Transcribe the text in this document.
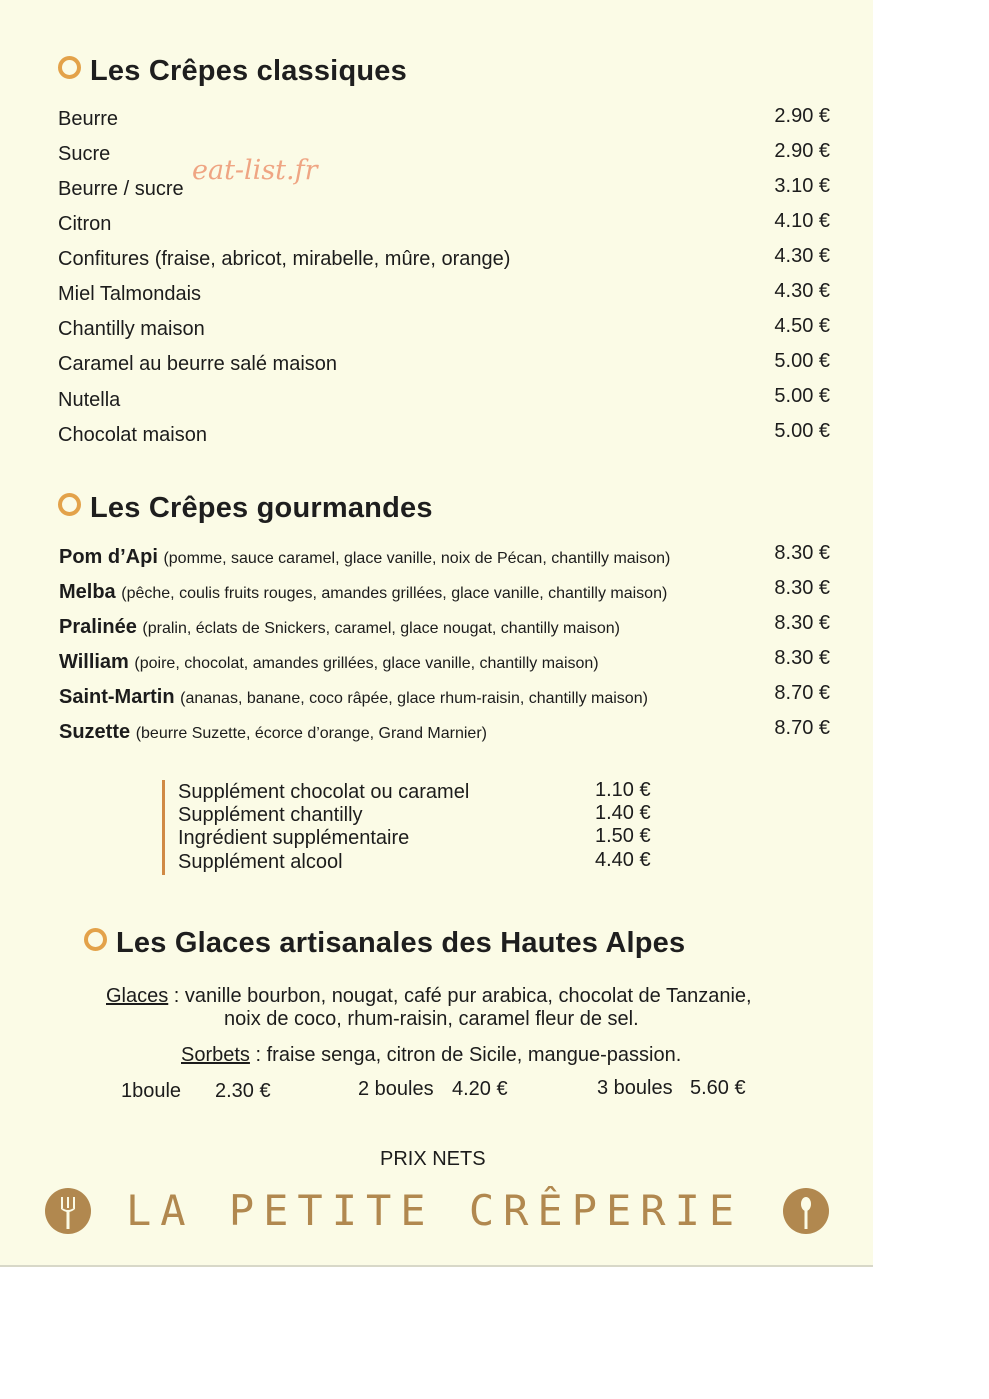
Les Crêpes classiques
Beurre	2.90 €
Sucre	2.90 €
Beurre / sucre	3.10 €
Citron	4.10 €
Confitures (fraise, abricot, mirabelle, mûre, orange)	4.30 €
Miel Talmondais	4.30 €
Chantilly maison	4.50 €
Caramel au beurre salé maison	5.00 €
Nutella	5.00 €
Chocolat maison	5.00 €
eat-list.fr
Les Crêpes gourmandes
Pom d’Api (pomme, sauce caramel, glace vanille, noix de Pécan, chantilly maison)	8.30 €
Melba (pêche, coulis fruits rouges, amandes grillées, glace vanille, chantilly maison)	8.30 €
Pralinée (pralin, éclats de Snickers, caramel, glace nougat, chantilly maison)	8.30 €
William (poire, chocolat, amandes grillées, glace vanille, chantilly maison)	8.30 €
Saint-Martin (ananas, banane, coco râpée, glace rhum-raisin, chantilly maison)	8.70 €
Suzette (beurre Suzette, écorce d’orange, Grand Marnier)	8.70 €
Supplément chocolat ou caramel	1.10 €
Supplément chantilly	1.40 €
Ingrédient supplémentaire	1.50 €
Supplément alcool	4.40 €
Les Glaces artisanales des Hautes Alpes
Glaces : vanille bourbon, nougat, café pur arabica, chocolat de Tanzanie,
noix de coco, rhum-raisin, caramel fleur de sel.
Sorbets : fraise senga, citron de Sicile, mangue-passion.
1boule 2.30 €	2 boules 4.20 €	3 boules 5.60 €
PRIX NETS
LA PETITE CRÊPERIE
